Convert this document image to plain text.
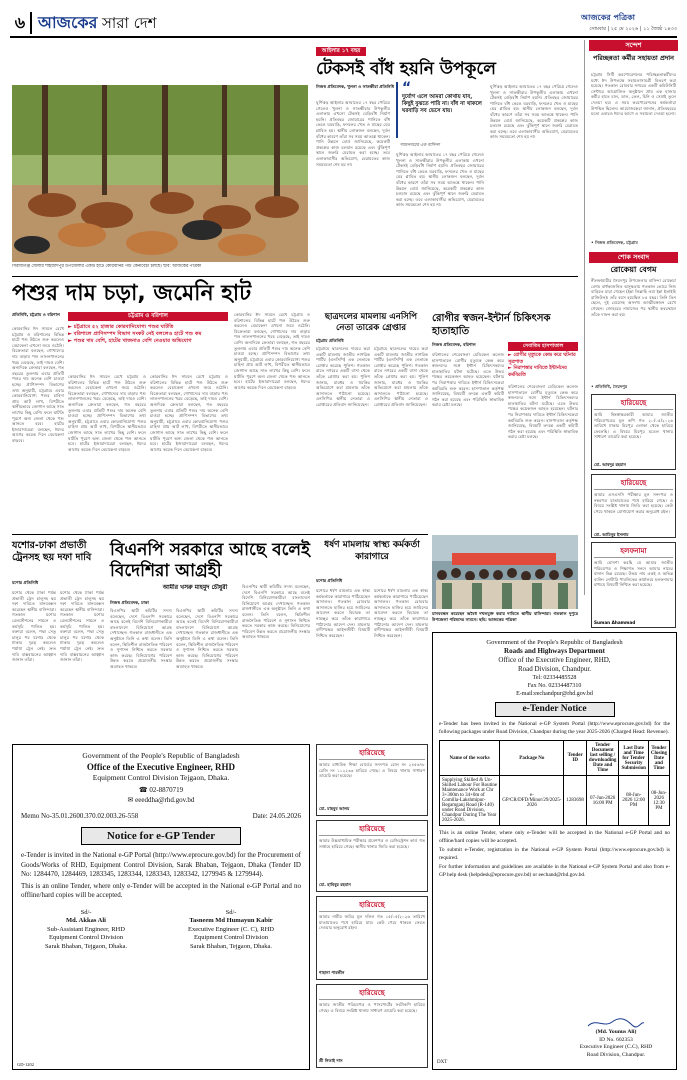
৬ আজকের সারা দেশ	আজকের পত্রিকা
সোমবার | ২৫ মে ২০২৬ | ১১ জ্যৈষ্ঠ ১৪৩৩
সিরাজগঞ্জ জেলার শাহজাদপুর উপজেলার একটি হাটে কোরবানির পশু কেনাবেচা চলছে। ছবি: আজকের পত্রিকা
আইলার ১৭ বছর
টেকসই বাঁধ হয়নি উপকূলে
নিজস্ব প্রতিবেদক, খুলনা ও সাতক্ষীরা প্রতিনিধি “
দুর্যোগ এলে আমরা কোথায় যাব, কিছুই বুঝতে পারি না। বাঁধ না থাকলে ঘরবাড়ি সব ভেসে যায়।
শ্যামনগরের এক বাসিন্দা
ঘূর্ণিঝড় আইলার আঘাতের ১৭ বছর পেরিয়ে গেলেও খুলনা ও সাতক্ষীরার উপকূলীয় এলাকায় এখনো টেকসই বেড়িবাঁধ নির্মাণ হয়নি। প্রতিবছর জোয়ারের পানিতে বাঁধ ভেঙে ঘরবাড়ি, ফসলের খেত ও মাছের ঘের প্লাবিত হয়। স্থানীয় লোকজন বলছেন, দুর্বল বাঁধের কারণে তাঁরা সব সময় আতঙ্কে থাকেন। পানি উন্নয়ন বোর্ড জানিয়েছে, কয়েকটি প্রকল্পের কাজ চলমান রয়েছে এবং ঝুঁকিপূর্ণ স্থানে জরুরি মেরামত করা হচ্ছে। তবে এলাকাবাসীর অভিযোগ, মেরামতের কাজ সময়মতো শেষ হয় না।
ঘূর্ণিঝড় আইলার আঘাতের ১৭ বছর পেরিয়ে গেলেও খুলনা ও সাতক্ষীরার উপকূলীয় এলাকায় এখনো টেকসই বেড়িবাঁধ নির্মাণ হয়নি। প্রতিবছর জোয়ারের পানিতে বাঁধ ভেঙে ঘরবাড়ি, ফসলের খেত ও মাছের ঘের প্লাবিত হয়। স্থানীয় লোকজন বলছেন, দুর্বল বাঁধের কারণে তাঁরা সব সময় আতঙ্কে থাকেন। পানি উন্নয়ন বোর্ড জানিয়েছে, কয়েকটি প্রকল্পের কাজ চলমান রয়েছে এবং ঝুঁকিপূর্ণ স্থানে জরুরি মেরামত করা হচ্ছে। তবে এলাকাবাসীর অভিযোগ, মেরামতের কাজ সময়মতো শেষ হয় না।
ঘূর্ণিঝড় আইলার আঘাতের ১৭ বছর পেরিয়ে গেলেও খুলনা ও সাতক্ষীরার উপকূলীয় এলাকায় এখনো টেকসই বেড়িবাঁধ নির্মাণ হয়নি। প্রতিবছর জোয়ারের পানিতে বাঁধ ভেঙে ঘরবাড়ি, ফসলের খেত ও মাছের ঘের প্লাবিত হয়। স্থানীয় লোকজন বলছেন, দুর্বল বাঁধের কারণে তাঁরা সব সময় আতঙ্কে থাকেন। পানি উন্নয়ন বোর্ড জানিয়েছে, কয়েকটি প্রকল্পের কাজ চলমান রয়েছে এবং ঝুঁকিপূর্ণ স্থানে জরুরি মেরামত করা হচ্ছে। তবে এলাকাবাসীর অভিযোগ, মেরামতের কাজ সময়মতো শেষ হয় না।
সন্দেশ
পরিচ্ছন্নতা কর্মীর সহায়তা প্রদান
চট্টগ্রাম সিটি করপোরেশনের পরিচ্ছন্নতাকর্মীদের মধ্যে ঈদ উপলক্ষে সহায়তাসামগ্রী বিতরণ করা হয়েছে। গতকাল রোববার নগরের একটি কমিউনিটি সেন্টারে আয়োজিত অনুষ্ঠানে প্রায় এক হাজার কর্মীর হাতে চাল, ডাল, তেল, চিনি ও সেমাই তুলে দেওয়া হয়। এ সময় করপোরেশনের কর্মকর্তারা উপস্থিত ছিলেন। আয়োজকেরা জানান, প্রতিবছরের মতো এবারও ঈদের আগে এ সহায়তা দেওয়া হলো।
• নিজস্ব প্রতিবেদক, চট্টগ্রাম
শোক সংবাদ
রোকেয়া বেগম
নীলফামারীর সৈয়দপুর উপজেলার বাসিন্দা রোকেয়া বেগম বার্ধক্যজনিত অসুস্থতায় গতকাল ভোরে নিজ বাড়িতে মারা গেছেন (ইন্না লিল্লাহি ওয়া ইন্না ইলাইহি রাজিউন)। তাঁর বয়স হয়েছিল ৮৫ বছর। তিনি তিন ছেলে, দুই মেয়েসহ অসংখ্য আত্মীয়স্বজন রেখে গেছেন। জোহরের নামাজের পর স্থানীয় কবরস্থানে তাঁকে দাফন করা হয়।
• প্রতিনিধি, সৈয়দপুর
হারিয়েছে
আমি নিম্নস্বাক্ষরকারী আমার জাতীয় পরিচয়পত্রের মূল কপি গত ২০/০৫/২০২৬ তারিখে ঢাকার মিরপুর এলাকা থেকে হারিয়ে ফেলেছি। এ বিষয়ে মিরপুর মডেল থানায় সাধারণ ডায়েরি করা হয়েছে।
মো. আবদুর রহমান
হারিয়েছে
আমার এসএসসি পরীক্ষার মূল সনদপত্র ও নম্বরপত্র যাতায়াতের পথে হারিয়ে গেছে। এ বিষয়ে সংশ্লিষ্ট থানায় জিডি করা হয়েছে। কেউ পেয়ে থাকলে যোগাযোগ করার অনুরোধ রইল।
মো. আমিনুর ইসলাম
হলফনামা
আমি ঘোষণা করছি যে আমার জাতীয় পরিচয়পত্র ও শিক্ষাগত সনদে আমার নামের বানান ভিন্ন রয়েছে। উভয় নাম একই ও অভিন্ন ব্যক্তি। নোটারি পাবলিকের কার্যালয়ে হলফনামার মাধ্যমে বিষয়টি নিশ্চিত করা হয়েছে।
Suman Ahammad
পশুর দাম চড়া, জমেনি হাট
প্রতিনিধি, চট্টগ্রাম ও বরিশাল	চট্টগ্রাম ও বরিশাল
► চট্টগ্রামে ৫২ হাজার কোরবানিযোগ্য পশুর ঘাটতি
► বরিশালে প্রাণিসম্পদ বিভাগ সংকট নেই বললেও হাটে পশু কম
► পশুর দাম বেশি, হাটের খাজনাও বেশি নেওয়ার অভিযোগ
কোরবানির ঈদ সামনে রেখে চট্টগ্রাম ও বরিশালের বিভিন্ন হাটে পশু উঠতে শুরু করলেও বেচাকেনা এখনো জমে ওঠেনি। বিক্রেতারা বলছেন, গোখাদ্যের দাম বাড়ায় পশু লালনপালনের খরচ বেড়েছে, তাই দামও বেশি। অন্যদিকে ক্রেতারা বলছেন, গত বছরের তুলনায় এবার প্রতিটি পশুর দাম অনেক বেশি চাওয়া হচ্ছে। প্রাণিসম্পদ বিভাগের তথ্য অনুযায়ী, চট্টগ্রামে এবার কোরবানিযোগ্য পশুর চাহিদা প্রায় আট লাখ, বিপরীতে স্থানীয়ভাবে জোগান আছে সাত লাখের কিছু বেশি। ফলে ঘাটতি পূরণে অন্য জেলা থেকে পশু আনতে হবে। হাটের ইজারাদারেরা বলছেন, ঈদের আগের কয়েক দিনে বেচাকেনা বাড়বে।
কোরবানির ঈদ সামনে রেখে চট্টগ্রাম ও বরিশালের বিভিন্ন হাটে পশু উঠতে শুরু করলেও বেচাকেনা এখনো জমে ওঠেনি। বিক্রেতারা বলছেন, গোখাদ্যের দাম বাড়ায় পশু লালনপালনের খরচ বেড়েছে, তাই দামও বেশি। অন্যদিকে ক্রেতারা বলছেন, গত বছরের তুলনায় এবার প্রতিটি পশুর দাম অনেক বেশি চাওয়া হচ্ছে। প্রাণিসম্পদ বিভাগের তথ্য অনুযায়ী, চট্টগ্রামে এবার কোরবানিযোগ্য পশুর চাহিদা প্রায় আট লাখ, বিপরীতে স্থানীয়ভাবে জোগান আছে সাত লাখের কিছু বেশি। ফলে ঘাটতি পূরণে অন্য জেলা থেকে পশু আনতে হবে। হাটের ইজারাদারেরা বলছেন, ঈদের আগের কয়েক দিনে বেচাকেনা বাড়বে।
কোরবানির ঈদ সামনে রেখে চট্টগ্রাম ও বরিশালের বিভিন্ন হাটে পশু উঠতে শুরু করলেও বেচাকেনা এখনো জমে ওঠেনি। বিক্রেতারা বলছেন, গোখাদ্যের দাম বাড়ায় পশু লালনপালনের খরচ বেড়েছে, তাই দামও বেশি। অন্যদিকে ক্রেতারা বলছেন, গত বছরের তুলনায় এবার প্রতিটি পশুর দাম অনেক বেশি চাওয়া হচ্ছে। প্রাণিসম্পদ বিভাগের তথ্য অনুযায়ী, চট্টগ্রামে এবার কোরবানিযোগ্য পশুর চাহিদা প্রায় আট লাখ, বিপরীতে স্থানীয়ভাবে জোগান আছে সাত লাখের কিছু বেশি। ফলে ঘাটতি পূরণে অন্য জেলা থেকে পশু আনতে হবে। হাটের ইজারাদারেরা বলছেন, ঈদের আগের কয়েক দিনে বেচাকেনা বাড়বে।
কোরবানির ঈদ সামনে রেখে চট্টগ্রাম ও বরিশালের বিভিন্ন হাটে পশু উঠতে শুরু করলেও বেচাকেনা এখনো জমে ওঠেনি। বিক্রেতারা বলছেন, গোখাদ্যের দাম বাড়ায় পশু লালনপালনের খরচ বেড়েছে, তাই দামও বেশি। অন্যদিকে ক্রেতারা বলছেন, গত বছরের তুলনায় এবার প্রতিটি পশুর দাম অনেক বেশি চাওয়া হচ্ছে। প্রাণিসম্পদ বিভাগের তথ্য অনুযায়ী, চট্টগ্রামে এবার কোরবানিযোগ্য পশুর চাহিদা প্রায় আট লাখ, বিপরীতে স্থানীয়ভাবে জোগান আছে সাত লাখের কিছু বেশি। ফলে ঘাটতি পূরণে অন্য জেলা থেকে পশু আনতে হবে। হাটের ইজারাদারেরা বলছেন, ঈদের আগের কয়েক দিনে বেচাকেনা বাড়বে।
ছাত্রদলের মামলায় এনসিপি নেতা তারেক গ্রেপ্তার
চট্টগ্রাম প্রতিনিধি
চট্টগ্রামে ছাত্রদলের দায়ের করা একটি মামলায় জাতীয় নাগরিক পার্টির (এনসিপি) এক নেতাকে গ্রেপ্তার করেছে পুলিশ। গতকাল রাতে নগরের একটি বাসা থেকে তাঁকে গ্রেপ্তার করা হয়। পুলিশ জানায়, মারধর ও হুমকির অভিযোগে করা মামলায় তাঁকে আদালতে পাঠানো হয়েছে। এনসিপির স্থানীয় নেতারা এ গ্রেপ্তারের প্রতিবাদ জানিয়েছেন।
চট্টগ্রামে ছাত্রদলের দায়ের করা একটি মামলায় জাতীয় নাগরিক পার্টির (এনসিপি) এক নেতাকে গ্রেপ্তার করেছে পুলিশ। গতকাল রাতে নগরের একটি বাসা থেকে তাঁকে গ্রেপ্তার করা হয়। পুলিশ জানায়, মারধর ও হুমকির অভিযোগে করা মামলায় তাঁকে আদালতে পাঠানো হয়েছে। এনসিপির স্থানীয় নেতারা এ গ্রেপ্তারের প্রতিবাদ জানিয়েছেন।
রোগীর স্বজন-ইন্টার্ন চিকিৎসক হাতাহাতি
নিজস্ব প্রতিবেদক, বরিশাল	সেবাতিম হাসপাতাল
► রোগীর মৃত্যুকে কেন্দ্র করে ঘটনার সূত্রপাত
► নিরাপত্তার দাবিতে ইন্টার্নদের কর্মবিরতি
বরিশালের শেরেবাংলা মেডিকেল কলেজ হাসপাতালে রোগীর মৃত্যুকে কেন্দ্র করে স্বজনদের সঙ্গে ইন্টার্ন চিকিৎসকদের হাতাহাতির ঘটনা ঘটেছে। এতে উভয় পক্ষের কয়েকজন আহত হয়েছেন। ঘটনার পর নিরাপত্তার দাবিতে ইন্টার্ন চিকিৎসকেরা কর্মবিরতি শুরু করেন। হাসপাতাল কর্তৃপক্ষ জানিয়েছে, বিষয়টি তদন্তে একটি কমিটি গঠন করা হয়েছে এবং পরিস্থিতি স্বাভাবিক করার চেষ্টা চলছে।
বরিশালের শেরেবাংলা মেডিকেল কলেজ হাসপাতালে রোগীর মৃত্যুকে কেন্দ্র করে স্বজনদের সঙ্গে ইন্টার্ন চিকিৎসকদের হাতাহাতির ঘটনা ঘটেছে। এতে উভয় পক্ষের কয়েকজন আহত হয়েছেন। ঘটনার পর নিরাপত্তার দাবিতে ইন্টার্ন চিকিৎসকেরা কর্মবিরতি শুরু করেন। হাসপাতাল কর্তৃপক্ষ জানিয়েছে, বিষয়টি তদন্তে একটি কমিটি গঠন করা হয়েছে এবং পরিস্থিতি স্বাভাবিক করার চেষ্টা চলছে।
মানববন্ধন করেছেন অবৈধ দখলমুক্ত করার দাবিতে স্থানীয় বাসিন্দারা। গতকাল দুপুরে উপজেলা পরিষদের সামনে। ছবি: আজকের পত্রিকা
যশোর-ঢাকা প্রভাতী ট্রেনসহ ছয় দফা দাবি
যশোর প্রতিনিধি
যশোর থেকে ঢাকা পর্যন্ত প্রভাতী ট্রেন চালুসহ ছয় দফা দাবিতে মানববন্ধন করেছেন স্থানীয় বাসিন্দারা। গতকাল যশোর রেলস্টেশনের সামনে এ কর্মসূচি পালিত হয়। বক্তারা বলেন, পদ্মা সেতু চালুর পর যশোর থেকে ঢাকার দূরত্ব কমলেও পর্যাপ্ত ট্রেন নেই। দ্রুত দাবি বাস্তবায়নের আহ্বান জানান তাঁরা।
যশোর থেকে ঢাকা পর্যন্ত প্রভাতী ট্রেন চালুসহ ছয় দফা দাবিতে মানববন্ধন করেছেন স্থানীয় বাসিন্দারা। গতকাল যশোর রেলস্টেশনের সামনে এ কর্মসূচি পালিত হয়। বক্তারা বলেন, পদ্মা সেতু চালুর পর যশোর থেকে ঢাকার দূরত্ব কমলেও পর্যাপ্ত ট্রেন নেই। দ্রুত দাবি বাস্তবায়নের আহ্বান জানান তাঁরা।
বিএনপি সরকারে আছে বলেই বিদেশিরা আগ্রহী
আমীর খসরু মাহমুদ চৌধুরী
নিজস্ব প্রতিবেদক, ঢাকা
বিএনপির স্থায়ী কমিটির সদস্য বলেছেন, দেশে বিএনপি সরকারে আছে বলেই বিদেশি বিনিয়োগকারীরা বাংলাদেশে বিনিয়োগে আগ্রহ দেখাচ্ছেন। গতকাল রাজধানীতে এক অনুষ্ঠানে তিনি এ কথা বলেন। তিনি বলেন, স্থিতিশীল রাজনৈতিক পরিবেশ ও সুশাসন নিশ্চিত করতে সরকার কাজ করছে। বিনিয়োগের পরিবেশ উন্নত করতে প্রয়োজনীয় সংস্কার অব্যাহত থাকবে।
বিএনপির স্থায়ী কমিটির সদস্য বলেছেন, দেশে বিএনপি সরকারে আছে বলেই বিদেশি বিনিয়োগকারীরা বাংলাদেশে বিনিয়োগে আগ্রহ দেখাচ্ছেন। গতকাল রাজধানীতে এক অনুষ্ঠানে তিনি এ কথা বলেন। তিনি বলেন, স্থিতিশীল রাজনৈতিক পরিবেশ ও সুশাসন নিশ্চিত করতে সরকার কাজ করছে। বিনিয়োগের পরিবেশ উন্নত করতে প্রয়োজনীয় সংস্কার অব্যাহত থাকবে।
বিএনপির স্থায়ী কমিটির সদস্য বলেছেন, দেশে বিএনপি সরকারে আছে বলেই বিদেশি বিনিয়োগকারীরা বাংলাদেশে বিনিয়োগে আগ্রহ দেখাচ্ছেন। গতকাল রাজধানীতে এক অনুষ্ঠানে তিনি এ কথা বলেন। তিনি বলেন, স্থিতিশীল রাজনৈতিক পরিবেশ ও সুশাসন নিশ্চিত করতে সরকার কাজ করছে। বিনিয়োগের পরিবেশ উন্নত করতে প্রয়োজনীয় সংস্কার অব্যাহত থাকবে।
ধর্ষণ মামলায় স্বাস্থ্য কর্মকর্তা কারাগারে
যশোর প্রতিনিধি
যশোরে ধর্ষণ মামলায় এক স্বাস্থ্য কর্মকর্তাকে কারাগারে পাঠিয়েছেন আদালত। গতকাল রোববার আদালতে হাজির হয়ে জামিনের আবেদন করলে বিচারক তা নামঞ্জুর করে তাঁকে কারাগারে পাঠানোর আদেশ দেন। মামলার বাদীপক্ষের আইনজীবী বিষয়টি নিশ্চিত করেছেন।
যশোরে ধর্ষণ মামলায় এক স্বাস্থ্য কর্মকর্তাকে কারাগারে পাঠিয়েছেন আদালত। গতকাল রোববার আদালতে হাজির হয়ে জামিনের আবেদন করলে বিচারক তা নামঞ্জুর করে তাঁকে কারাগারে পাঠানোর আদেশ দেন। মামলার বাদীপক্ষের আইনজীবী বিষয়টি নিশ্চিত করেছেন।
Government of the People's Republic of Bangladesh
Office of the Executive Engineer, RHD
Equipment Control Division Tejgaon, Dhaka.
☎ 02-8870719
✉ eeeddha@rhd.gov.bd
Memo No-35.01.2600.370.02.003.26-558	Date: 24.05.2026
Notice for e-GP Tender
e-Tender is invited in the National e-GP Portal (http://www.eprocure.gov.bd) for the Procurement of Goods/Works of RHD, Equipment Control Division, Sarak Bhaban, Tejgaon, Dhaka (Tender ID No: 1284470, 1284469, 1283345, 1283344, 1283343, 1283342, 1279945 & 1279944).
This is an online Tender, where only e-Tender will be accepted in the National e-GP Portal and no offline/hard copies will be accepted.
Sd/-
Md. Akkas Ali
Sub-Assistant Engineer, RHD
Equipment Control Division
Sarak Bhaban, Tejgaon, Dhaka.
Sd/-
Tasneem Md Humayun Kabir
Executive Engineer (C. C), RHD
Equipment Control Division
Sarak Bhaban, Tejgaon, Dhaka.
GD-1202
হারিয়েছে
আমার মাধ্যমিক শিক্ষা বোর্ডের সনদপত্র রোল নং ২৪৫৬৭৮ রেজি নং ১১২২৩৩ হারিয়ে গেছে। এ বিষয়ে থানায় সাধারণ ডায়েরি করা হয়েছে।
মো. মাহবুব আলম
হারিয়েছে
আমার উচ্চমাধ্যমিক পরীক্ষার প্রবেশপত্র ও রেজিস্ট্রেশন কার্ড গত সপ্তাহে হারিয়ে গেছে। স্থানীয় থানায় জিডি করা হয়েছে।
মো. হাবিবুর রহমান
হারিয়েছে
আমার নামীয় জমির মূল দলিল গত ১৫/০৫/২০২৬ তারিখে যাতায়াতের পথে হারিয়ে যায়। কেউ পেয়ে থাকলে ফেরত দেওয়ার অনুরোধ রইল।
শাহানা পারভীন
হারিয়েছে
আমার জাতীয় পরিচয়পত্র ও পাসপোর্টের ফটোকপি হারিয়ে গেছে। এ বিষয়ে সংশ্লিষ্ট থানায় সাধারণ ডায়েরি করা হয়েছে।
শ্রী নিতাই দাস
Government of the People's Republic of Bangladesh
Roads and Highways Department
Office of the Executive Engineer, RHD,
Road Division, Chandpur.
Tel: 02334485528
Fax No. 02334487310
E-mail:eechandpur@rhd.gov.bd
e-Tender Notice
e-Tender has been invited in the National e-GP System Portal (http://www.eprocure.gov.bd) for the following packages under Road Division, Chandpur during the year 2025-2026 (Charged Head: Revenue).
Name of the works	Package No	Tender ID	Tender Document last selling / downloading Date and Time	Last Date and Time for Tender Security Submission	Tender Closing Date and Time
Supplying Skilled & Un-Skilled Labour For Routine Maintenance Work at Chr 3+300m to 34+0m of Comilla-Lakshmipur-Begamganj Road (R-140) under Road Division, Chandpur During The Year 2025-2026.	e-GP/CR/DFD/Minor/29/2025-2026	1283698	07-Jun-2026 16:00 PM	08-Jun-2026 12:00 PM	08-Jun-2026 12:30 PM
This is an online Tender, where only e-Tender will be accepted in the National e-GP Portal and no offline/hard copies will be accepted.
To submit e-Tender, registration in the National e-GP System Portal (http://www.eprocure.gov.bd) is required.
For further information and guidelines are available in the National e-GP System Portal and also from e-GP help desk (helpdesk@eprocure.gov.bd) or eechand@rhd.gov.bd.
(Md. Younus Ali)
ID No. 602353
Executive Engineer (C.C), RHD
Road Division, Chandpur.
DXT
